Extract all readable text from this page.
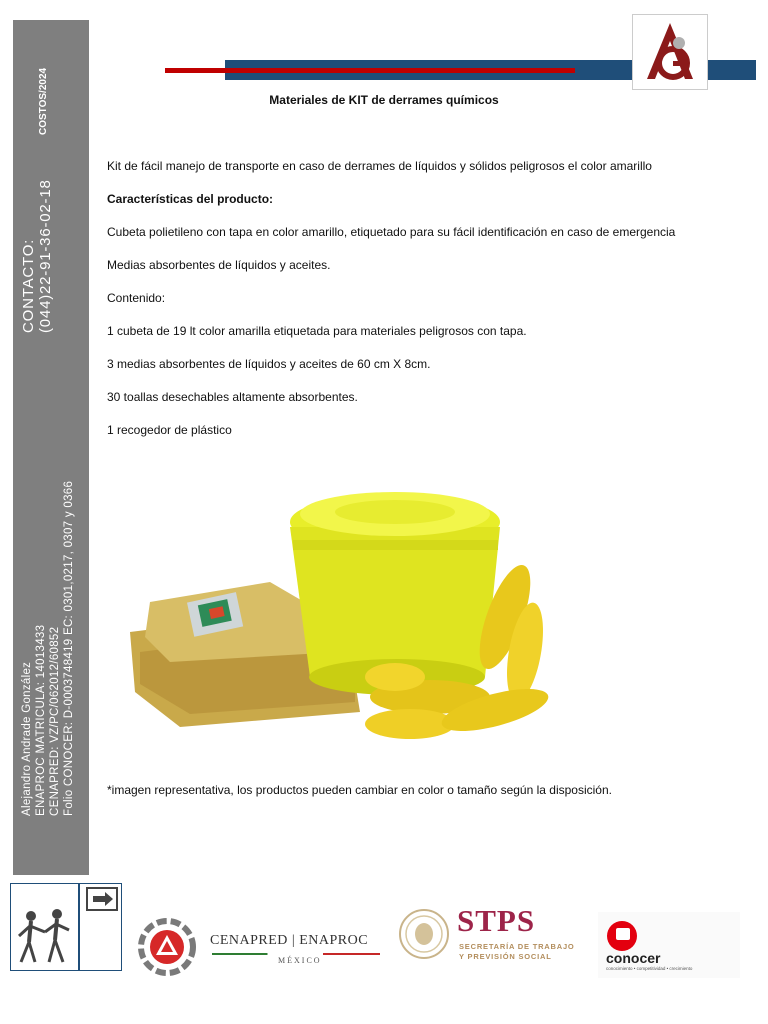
COSTOS/2024
CONTACTO: (044)22-91-36-02-18
Alejandro Andrade González ENAPROC MATRICULA: 14013433 CENAPRED: VZ/PC/062012/60852 Folio CONOCER: D-0003748419 EC: 0301,0217, 0307 y 0366
Materiales de KIT de derrames químicos

Kit de fácil manejo de transporte en caso de derrames de líquidos y sólidos peligrosos el color amarillo

Características del producto:

Cubeta polietileno con tapa en color amarillo, etiquetado para su fácil identificación en caso de emergencia

Medias absorbentes de líquidos y aceites.

Contenido:

1 cubeta de 19 lt color amarilla etiquetada para materiales peligrosos con tapa.

3 medias absorbentes de líquidos y aceites de 60 cm X 8cm.

30 toallas desechables altamente absorbentes.

1 recogedor de plástico

*imagen representativa, los productos pueden cambiar en color o tamaño según la disposición.
CENAPRED | ENAPROC
MÉXICO
STPS
SECRETARÍA DE TRABAJO
Y PREVISIÓN SOCIAL	conocer
conocimiento • competitividad • crecimiento
